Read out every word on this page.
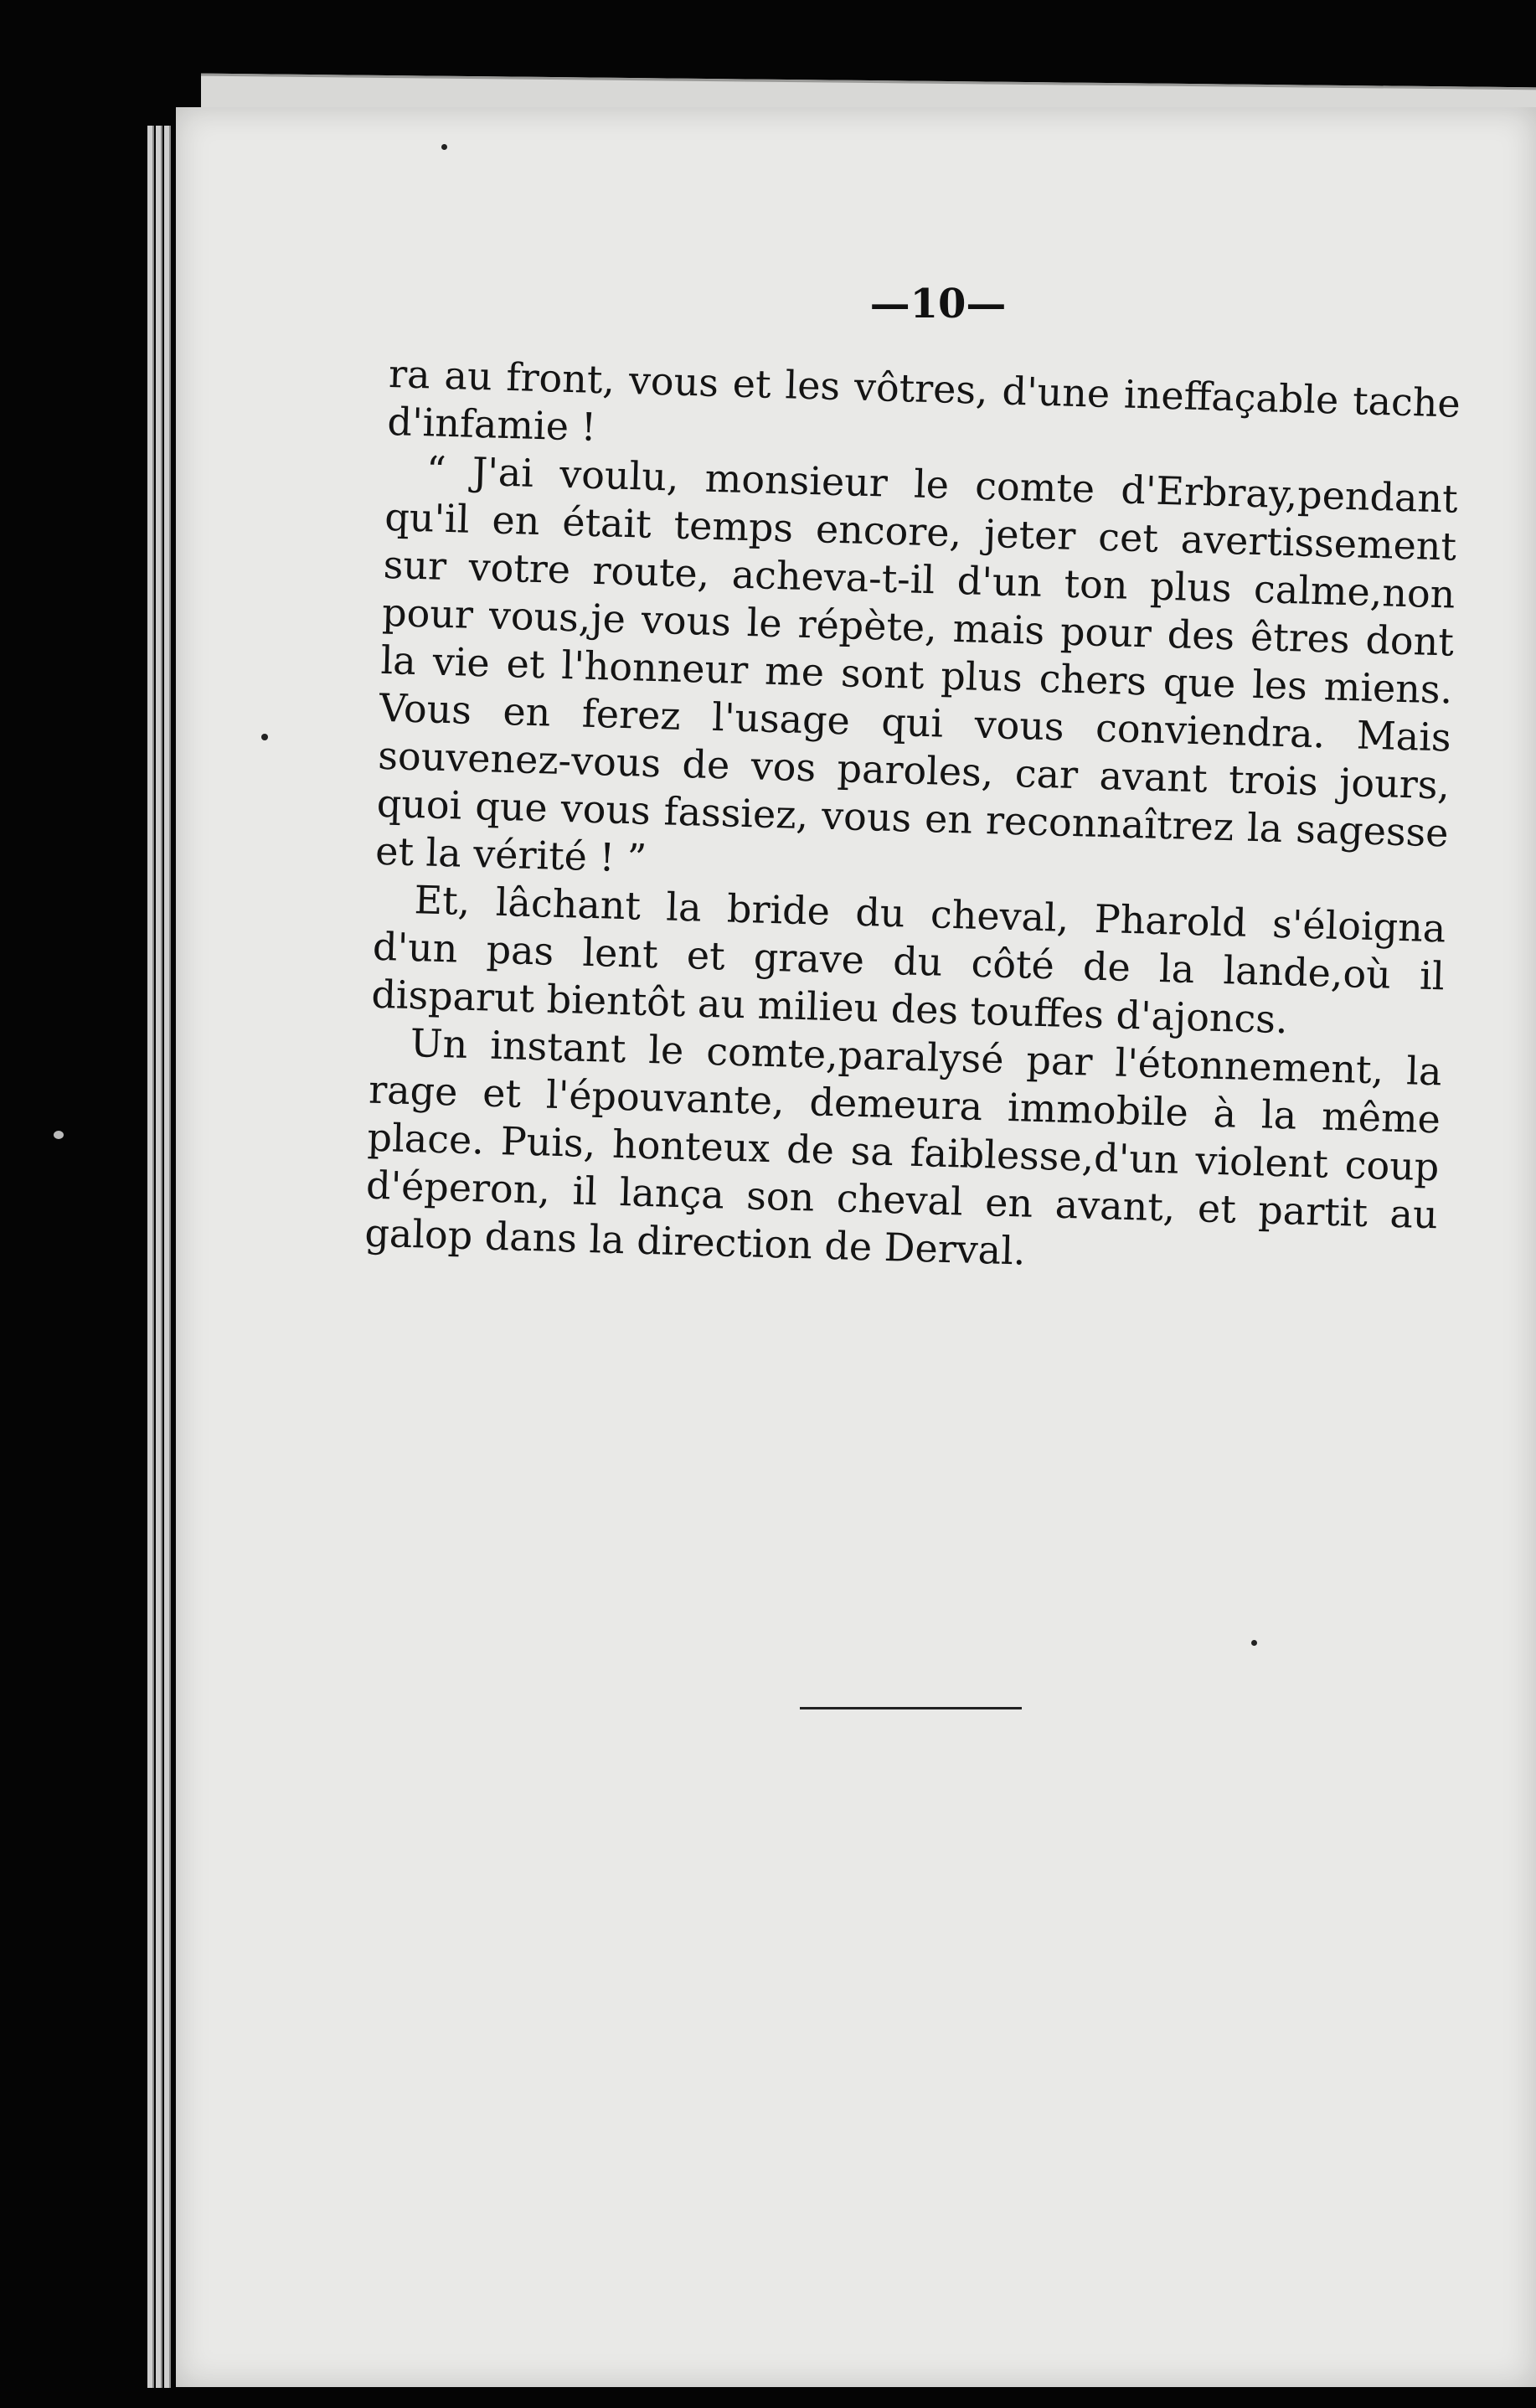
—10—

ra au front, vous et les vôtres, d'une ineffaçable tache d'infamie !

“ J'ai voulu, monsieur le comte d'Erbray,pendant qu'il en était temps encore, jeter cet avertissement sur votre route, acheva-t-il d'un ton plus calme,non pour vous,je vous le répète, mais pour des êtres dont la vie et l'honneur me sont plus chers que les miens. Vous en ferez l'usage qui vous conviendra. Mais souvenez-vous de vos paroles, car avant trois jours, quoi que vous fassiez, vous en reconnaîtrez la sagesse et la vérité ! ”

Et, lâchant la bride du cheval, Pharold s'éloigna d'un pas lent et grave du côté de la lande,où il disparut bientôt au milieu des touffes d'ajoncs.

Un instant le comte,paralysé par l'étonnement, la rage et l'épouvante, demeura immobile à la même place. Puis, honteux de sa faiblesse,d'un violent coup d'éperon, il lança son cheval en avant, et partit au galop dans la direction de Derval.
